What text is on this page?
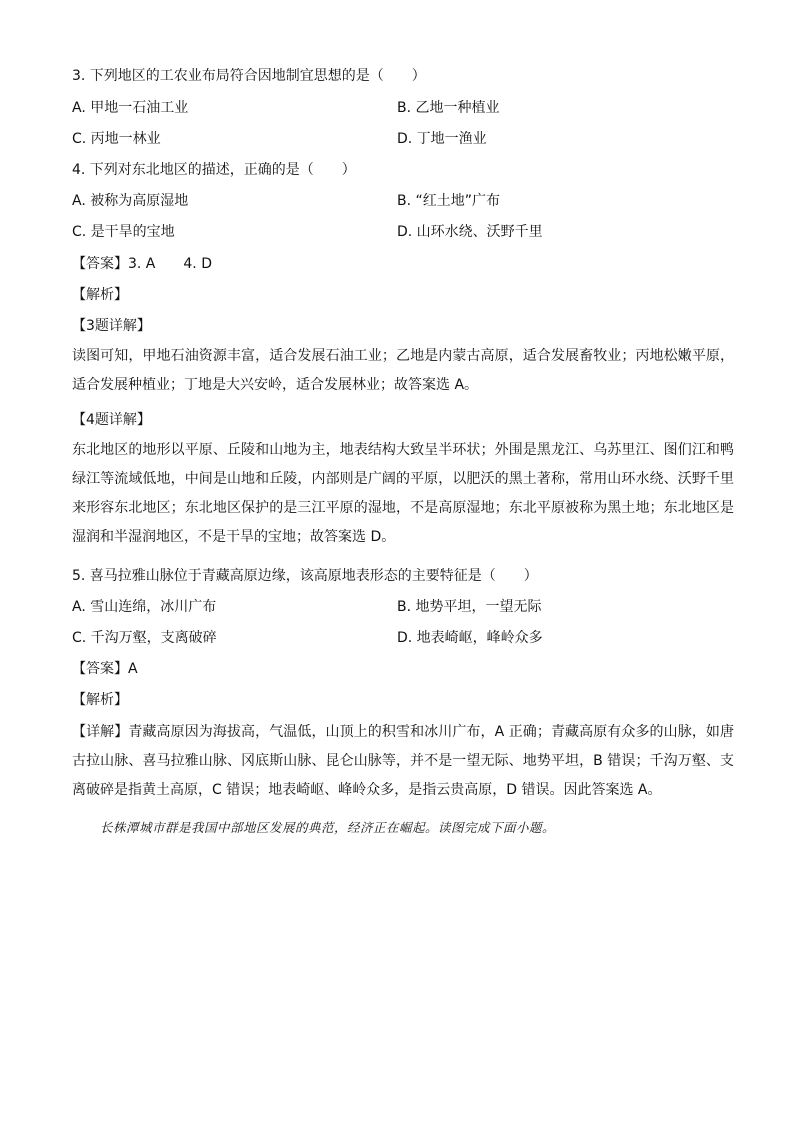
3. 下列地区的工农业布局符合因地制宜思想的是（　　）
A. 甲地一石油工业	B. 乙地一种植业
C. 丙地一林业	D. 丁地一渔业
4. 下列对东北地区的描述，正确的是（　　）
A. 被称为高原湿地	B. “红土地”广布
C. 是干旱的宝地	D. 山环水绕、沃野千里
【答案】3. A　　4. D
【解析】
【3题详解】

读图可知，甲地石油资源丰富，适合发展石油工业；乙地是内蒙古高原，适合发展畜牧业；丙地松嫩平原，适合发展种植业；丁地是大兴安岭，适合发展林业；故答案选 A。

【4题详解】

东北地区的地形以平原、丘陵和山地为主，地表结构大致呈半环状；外围是黑龙江、乌苏里江、图们江和鸭绿江等流域低地，中间是山地和丘陵，内部则是广阔的平原，以肥沃的黑土著称，常用山环水绕、沃野千里来形容东北地区；东北地区保护的是三江平原的湿地，不是高原湿地；东北平原被称为黑土地；东北地区是湿润和半湿润地区，不是干旱的宝地；故答案选 D。

5. 喜马拉雅山脉位于青藏高原边缘，该高原地表形态的主要特征是（　　）
A. 雪山连绵，冰川广布	B. 地势平坦，一望无际
C. 千沟万壑，支离破碎	D. 地表崎岖，峰岭众多
【答案】A
【解析】

【详解】青藏高原因为海拔高，气温低，山顶上的积雪和冰川广布，A 正确；青藏高原有众多的山脉，如唐古拉山脉、喜马拉雅山脉、冈底斯山脉、昆仑山脉等，并不是一望无际、地势平坦，B 错误；千沟万壑、支离破碎是指黄土高原，C 错误；地表崎岖、峰岭众多，是指云贵高原，D 错误。因此答案选 A。

长株潭城市群是我国中部地区发展的典范，经济正在崛起。读图完成下面小题。
